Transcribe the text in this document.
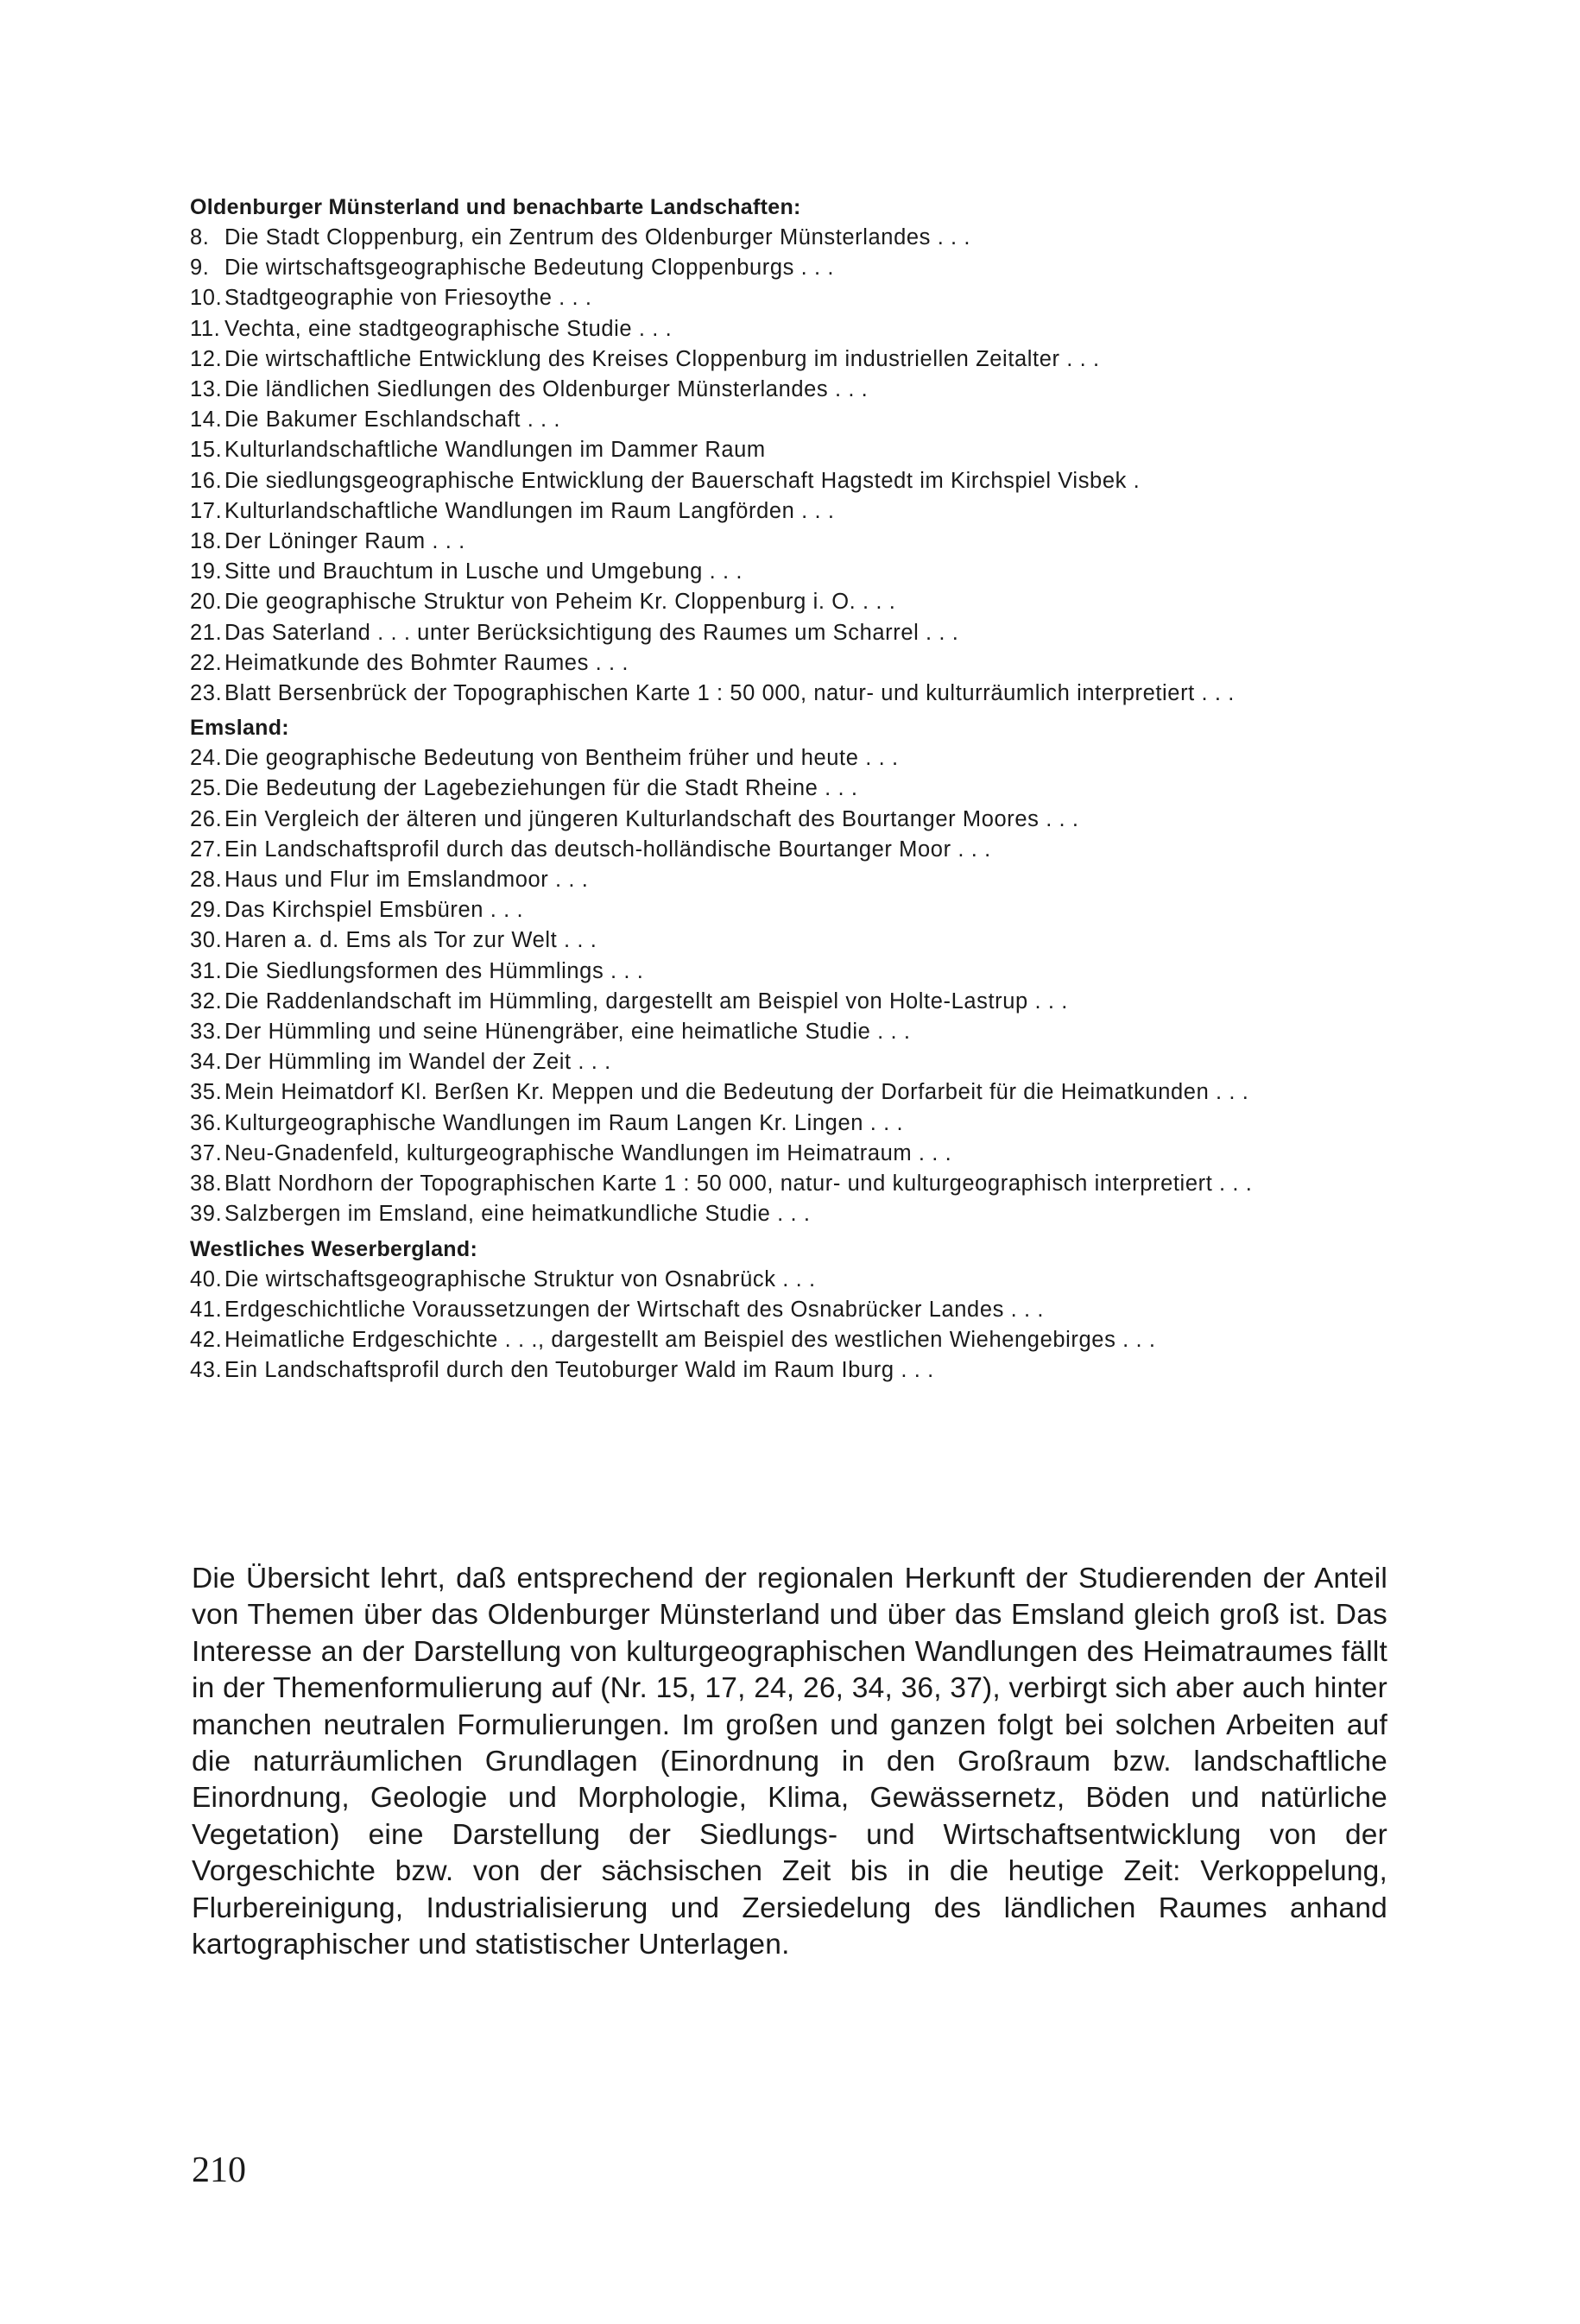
Oldenburger Münsterland und benachbarte Landschaften:
8. Die Stadt Cloppenburg, ein Zentrum des Oldenburger Münsterlandes . . .
9. Die wirtschaftsgeographische Bedeutung Cloppenburgs . . .
10. Stadtgeographie von Friesoythe . . .
11. Vechta, eine stadtgeographische Studie . . .
12. Die wirtschaftliche Entwicklung des Kreises Cloppenburg im industriellen Zeitalter . . .
13. Die ländlichen Siedlungen des Oldenburger Münsterlandes . . .
14. Die Bakumer Eschlandschaft . . .
15. Kulturlandschaftliche Wandlungen im Dammer Raum
16. Die siedlungsgeographische Entwicklung der Bauerschaft Hagstedt im Kirchspiel Visbek .
17. Kulturlandschaftliche Wandlungen im Raum Langförden . . .
18. Der Löninger Raum . . .
19. Sitte und Brauchtum in Lusche und Umgebung . . .
20. Die geographische Struktur von Peheim Kr. Cloppenburg i. O. . . .
21. Das Saterland . . . unter Berücksichtigung des Raumes um Scharrel . . .
22. Heimatkunde des Bohmter Raumes . . .
23. Blatt Bersenbrück der Topographischen Karte 1 : 50 000, natur- und kulturräumlich interpretiert . . .
Emsland:
24. Die geographische Bedeutung von Bentheim früher und heute . . .
25. Die Bedeutung der Lagebeziehungen für die Stadt Rheine . . .
26. Ein Vergleich der älteren und jüngeren Kulturlandschaft des Bourtanger Moores . . .
27. Ein Landschaftsprofil durch das deutsch-holländische Bourtanger Moor . . .
28. Haus und Flur im Emslandmoor . . .
29. Das Kirchspiel Emsbüren . . .
30. Haren a. d. Ems als Tor zur Welt . . .
31. Die Siedlungsformen des Hümmlings . . .
32. Die Raddenlandschaft im Hümmling, dargestellt am Beispiel von Holte-Lastrup . . .
33. Der Hümmling und seine Hünengräber, eine heimatliche Studie . . .
34. Der Hümmling im Wandel der Zeit . . .
35. Mein Heimatdorf Kl. Berßen Kr. Meppen und die Bedeutung der Dorfarbeit für die Heimatkunden . . .
36. Kulturgeographische Wandlungen im Raum Langen Kr. Lingen . . .
37. Neu-Gnadenfeld, kulturgeographische Wandlungen im Heimatraum . . .
38. Blatt Nordhorn der Topographischen Karte 1 : 50 000, natur- und kulturgeographisch interpretiert . . .
39. Salzbergen im Emsland, eine heimatkundliche Studie . . .
Westliches Weserbergland:
40. Die wirtschaftsgeographische Struktur von Osnabrück . . .
41. Erdgeschichtliche Voraussetzungen der Wirtschaft des Osnabrücker Landes . . .
42. Heimatliche Erdgeschichte . . ., dargestellt am Beispiel des westlichen Wiehengebirges . . .
43. Ein Landschaftsprofil durch den Teutoburger Wald im Raum Iburg . . .

Die Übersicht lehrt, daß entsprechend der regionalen Herkunft der Studierenden der Anteil von Themen über das Oldenburger Münsterland und über das Emsland gleich groß ist. Das Interesse an der Darstellung von kulturgeographischen Wandlungen des Heimatraumes fällt in der Themenformulierung auf (Nr. 15, 17, 24, 26, 34, 36, 37), verbirgt sich aber auch hinter manchen neutralen Formulierungen. Im großen und ganzen folgt bei solchen Arbeiten auf die naturräumlichen Grundlagen (Einordnung in den Großraum bzw. landschaftliche Einordnung, Geologie und Morphologie, Klima, Gewässernetz, Böden und natürliche Vegetation) eine Darstellung der Siedlungs- und Wirtschaftsentwicklung von der Vorgeschichte bzw. von der sächsischen Zeit bis in die heutige Zeit: Verkoppelung, Flurbereinigung, Industrialisierung und Zersiedelung des ländlichen Raumes anhand kartographischer und statistischer Unterlagen.

210
